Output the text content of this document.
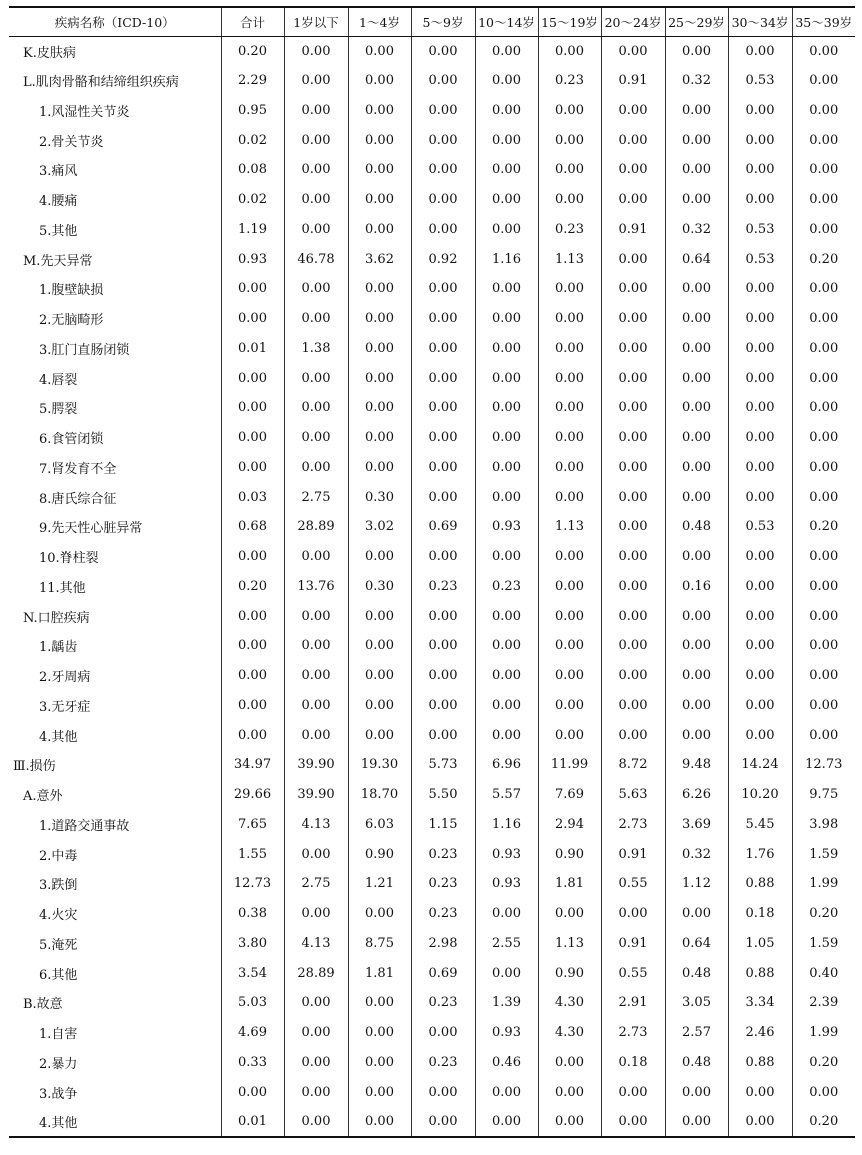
疾病名称（ICD-10）	合计	1岁以下	1～4岁	5～9岁	10～14岁	15～19岁	20～24岁	25～29岁	30～34岁	35～39岁
K.皮肤病	0.20	0.00	0.00	0.00	0.00	0.00	0.00	0.00	0.00	0.00
L.肌肉骨骼和结缔组织疾病	2.29	0.00	0.00	0.00	0.00	0.23	0.91	0.32	0.53	0.00
1.风湿性关节炎	0.95	0.00	0.00	0.00	0.00	0.00	0.00	0.00	0.00	0.00
2.骨关节炎	0.02	0.00	0.00	0.00	0.00	0.00	0.00	0.00	0.00	0.00
3.痛风	0.08	0.00	0.00	0.00	0.00	0.00	0.00	0.00	0.00	0.00
4.腰痛	0.02	0.00	0.00	0.00	0.00	0.00	0.00	0.00	0.00	0.00
5.其他	1.19	0.00	0.00	0.00	0.00	0.23	0.91	0.32	0.53	0.00
M.先天异常	0.93	46.78	3.62	0.92	1.16	1.13	0.00	0.64	0.53	0.20
1.腹壁缺损	0.00	0.00	0.00	0.00	0.00	0.00	0.00	0.00	0.00	0.00
2.无脑畸形	0.00	0.00	0.00	0.00	0.00	0.00	0.00	0.00	0.00	0.00
3.肛门直肠闭锁	0.01	1.38	0.00	0.00	0.00	0.00	0.00	0.00	0.00	0.00
4.唇裂	0.00	0.00	0.00	0.00	0.00	0.00	0.00	0.00	0.00	0.00
5.腭裂	0.00	0.00	0.00	0.00	0.00	0.00	0.00	0.00	0.00	0.00
6.食管闭锁	0.00	0.00	0.00	0.00	0.00	0.00	0.00	0.00	0.00	0.00
7.肾发育不全	0.00	0.00	0.00	0.00	0.00	0.00	0.00	0.00	0.00	0.00
8.唐氏综合征	0.03	2.75	0.30	0.00	0.00	0.00	0.00	0.00	0.00	0.00
9.先天性心脏异常	0.68	28.89	3.02	0.69	0.93	1.13	0.00	0.48	0.53	0.20
10.脊柱裂	0.00	0.00	0.00	0.00	0.00	0.00	0.00	0.00	0.00	0.00
11.其他	0.20	13.76	0.30	0.23	0.23	0.00	0.00	0.16	0.00	0.00
N.口腔疾病	0.00	0.00	0.00	0.00	0.00	0.00	0.00	0.00	0.00	0.00
1.龋齿	0.00	0.00	0.00	0.00	0.00	0.00	0.00	0.00	0.00	0.00
2.牙周病	0.00	0.00	0.00	0.00	0.00	0.00	0.00	0.00	0.00	0.00
3.无牙症	0.00	0.00	0.00	0.00	0.00	0.00	0.00	0.00	0.00	0.00
4.其他	0.00	0.00	0.00	0.00	0.00	0.00	0.00	0.00	0.00	0.00
Ⅲ.损伤	34.97	39.90	19.30	5.73	6.96	11.99	8.72	9.48	14.24	12.73
A.意外	29.66	39.90	18.70	5.50	5.57	7.69	5.63	6.26	10.20	9.75
1.道路交通事故	7.65	4.13	6.03	1.15	1.16	2.94	2.73	3.69	5.45	3.98
2.中毒	1.55	0.00	0.90	0.23	0.93	0.90	0.91	0.32	1.76	1.59
3.跌倒	12.73	2.75	1.21	0.23	0.93	1.81	0.55	1.12	0.88	1.99
4.火灾	0.38	0.00	0.00	0.23	0.00	0.00	0.00	0.00	0.18	0.20
5.淹死	3.80	4.13	8.75	2.98	2.55	1.13	0.91	0.64	1.05	1.59
6.其他	3.54	28.89	1.81	0.69	0.00	0.90	0.55	0.48	0.88	0.40
B.故意	5.03	0.00	0.00	0.23	1.39	4.30	2.91	3.05	3.34	2.39
1.自害	4.69	0.00	0.00	0.00	0.93	4.30	2.73	2.57	2.46	1.99
2.暴力	0.33	0.00	0.00	0.23	0.46	0.00	0.18	0.48	0.88	0.20
3.战争	0.00	0.00	0.00	0.00	0.00	0.00	0.00	0.00	0.00	0.00
4.其他	0.01	0.00	0.00	0.00	0.00	0.00	0.00	0.00	0.00	0.20
